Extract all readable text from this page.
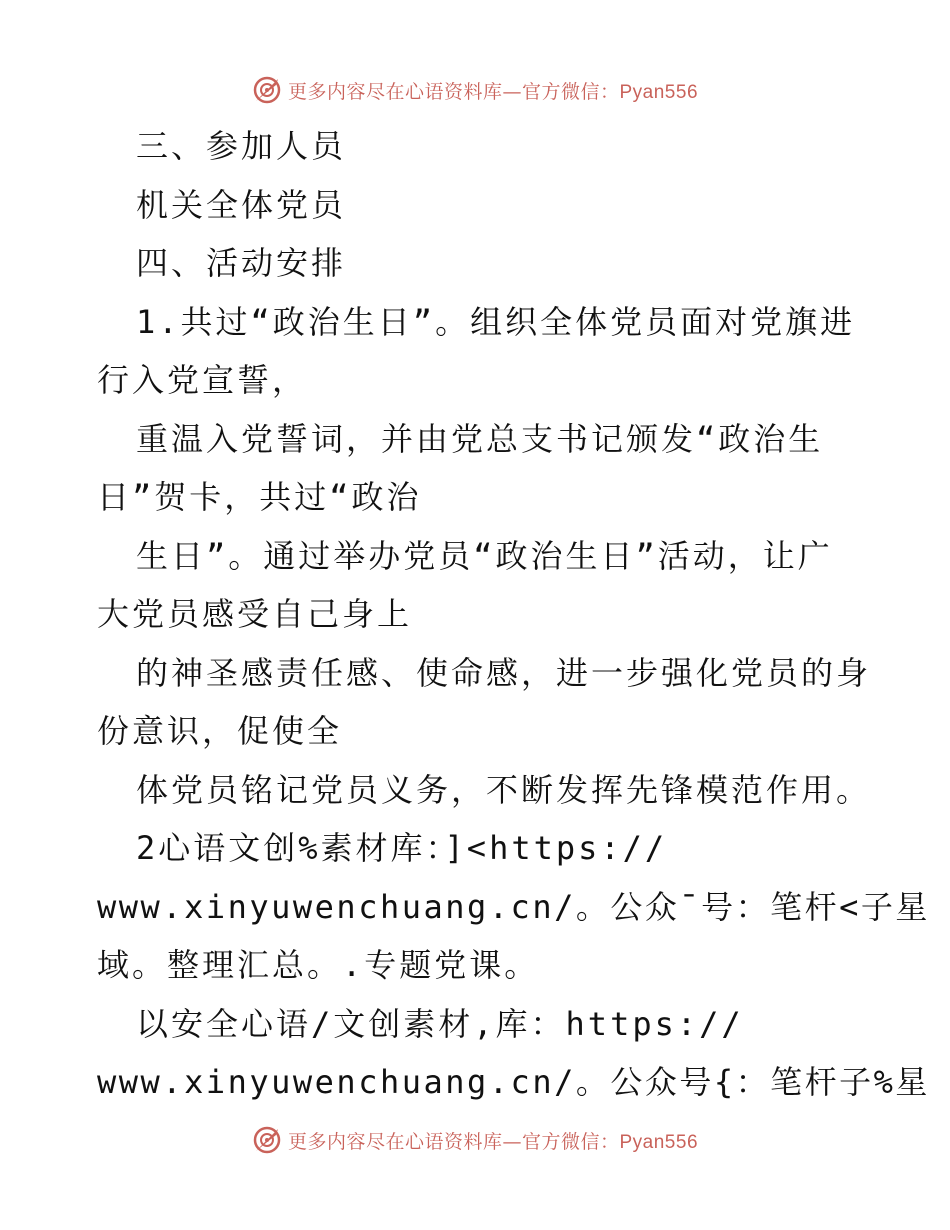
更多内容尽在心语资料库—官方微信：Pyan556
三、参加人员
机关全体党员
四、活动安排
1.共过“政治生日”。组织全体党员面对党旗进
行入党宣誓，
重温入党誓词，并由党总支书记颁发“政治生
日”贺卡，共过“政治
生日”。通过举办党员“政治生日”活动，让广
大党员感受自己身上
的神圣感责任感、使命感，进一步强化党员的身
份意识，促使全
体党员铭记党员义务，不断发挥先锋模范作用。
2心语文创%素材库：]<https://
www.xinyuwenchuang.cn/。公众¯号：笔杆<子星
域。整理汇总。.专题党课。
以安全心语/文创素材,库：https://
www.xinyuwenchuang.cn/。公众号{：笔杆子%星
更多内容尽在心语资料库—官方微信：Pyan556
